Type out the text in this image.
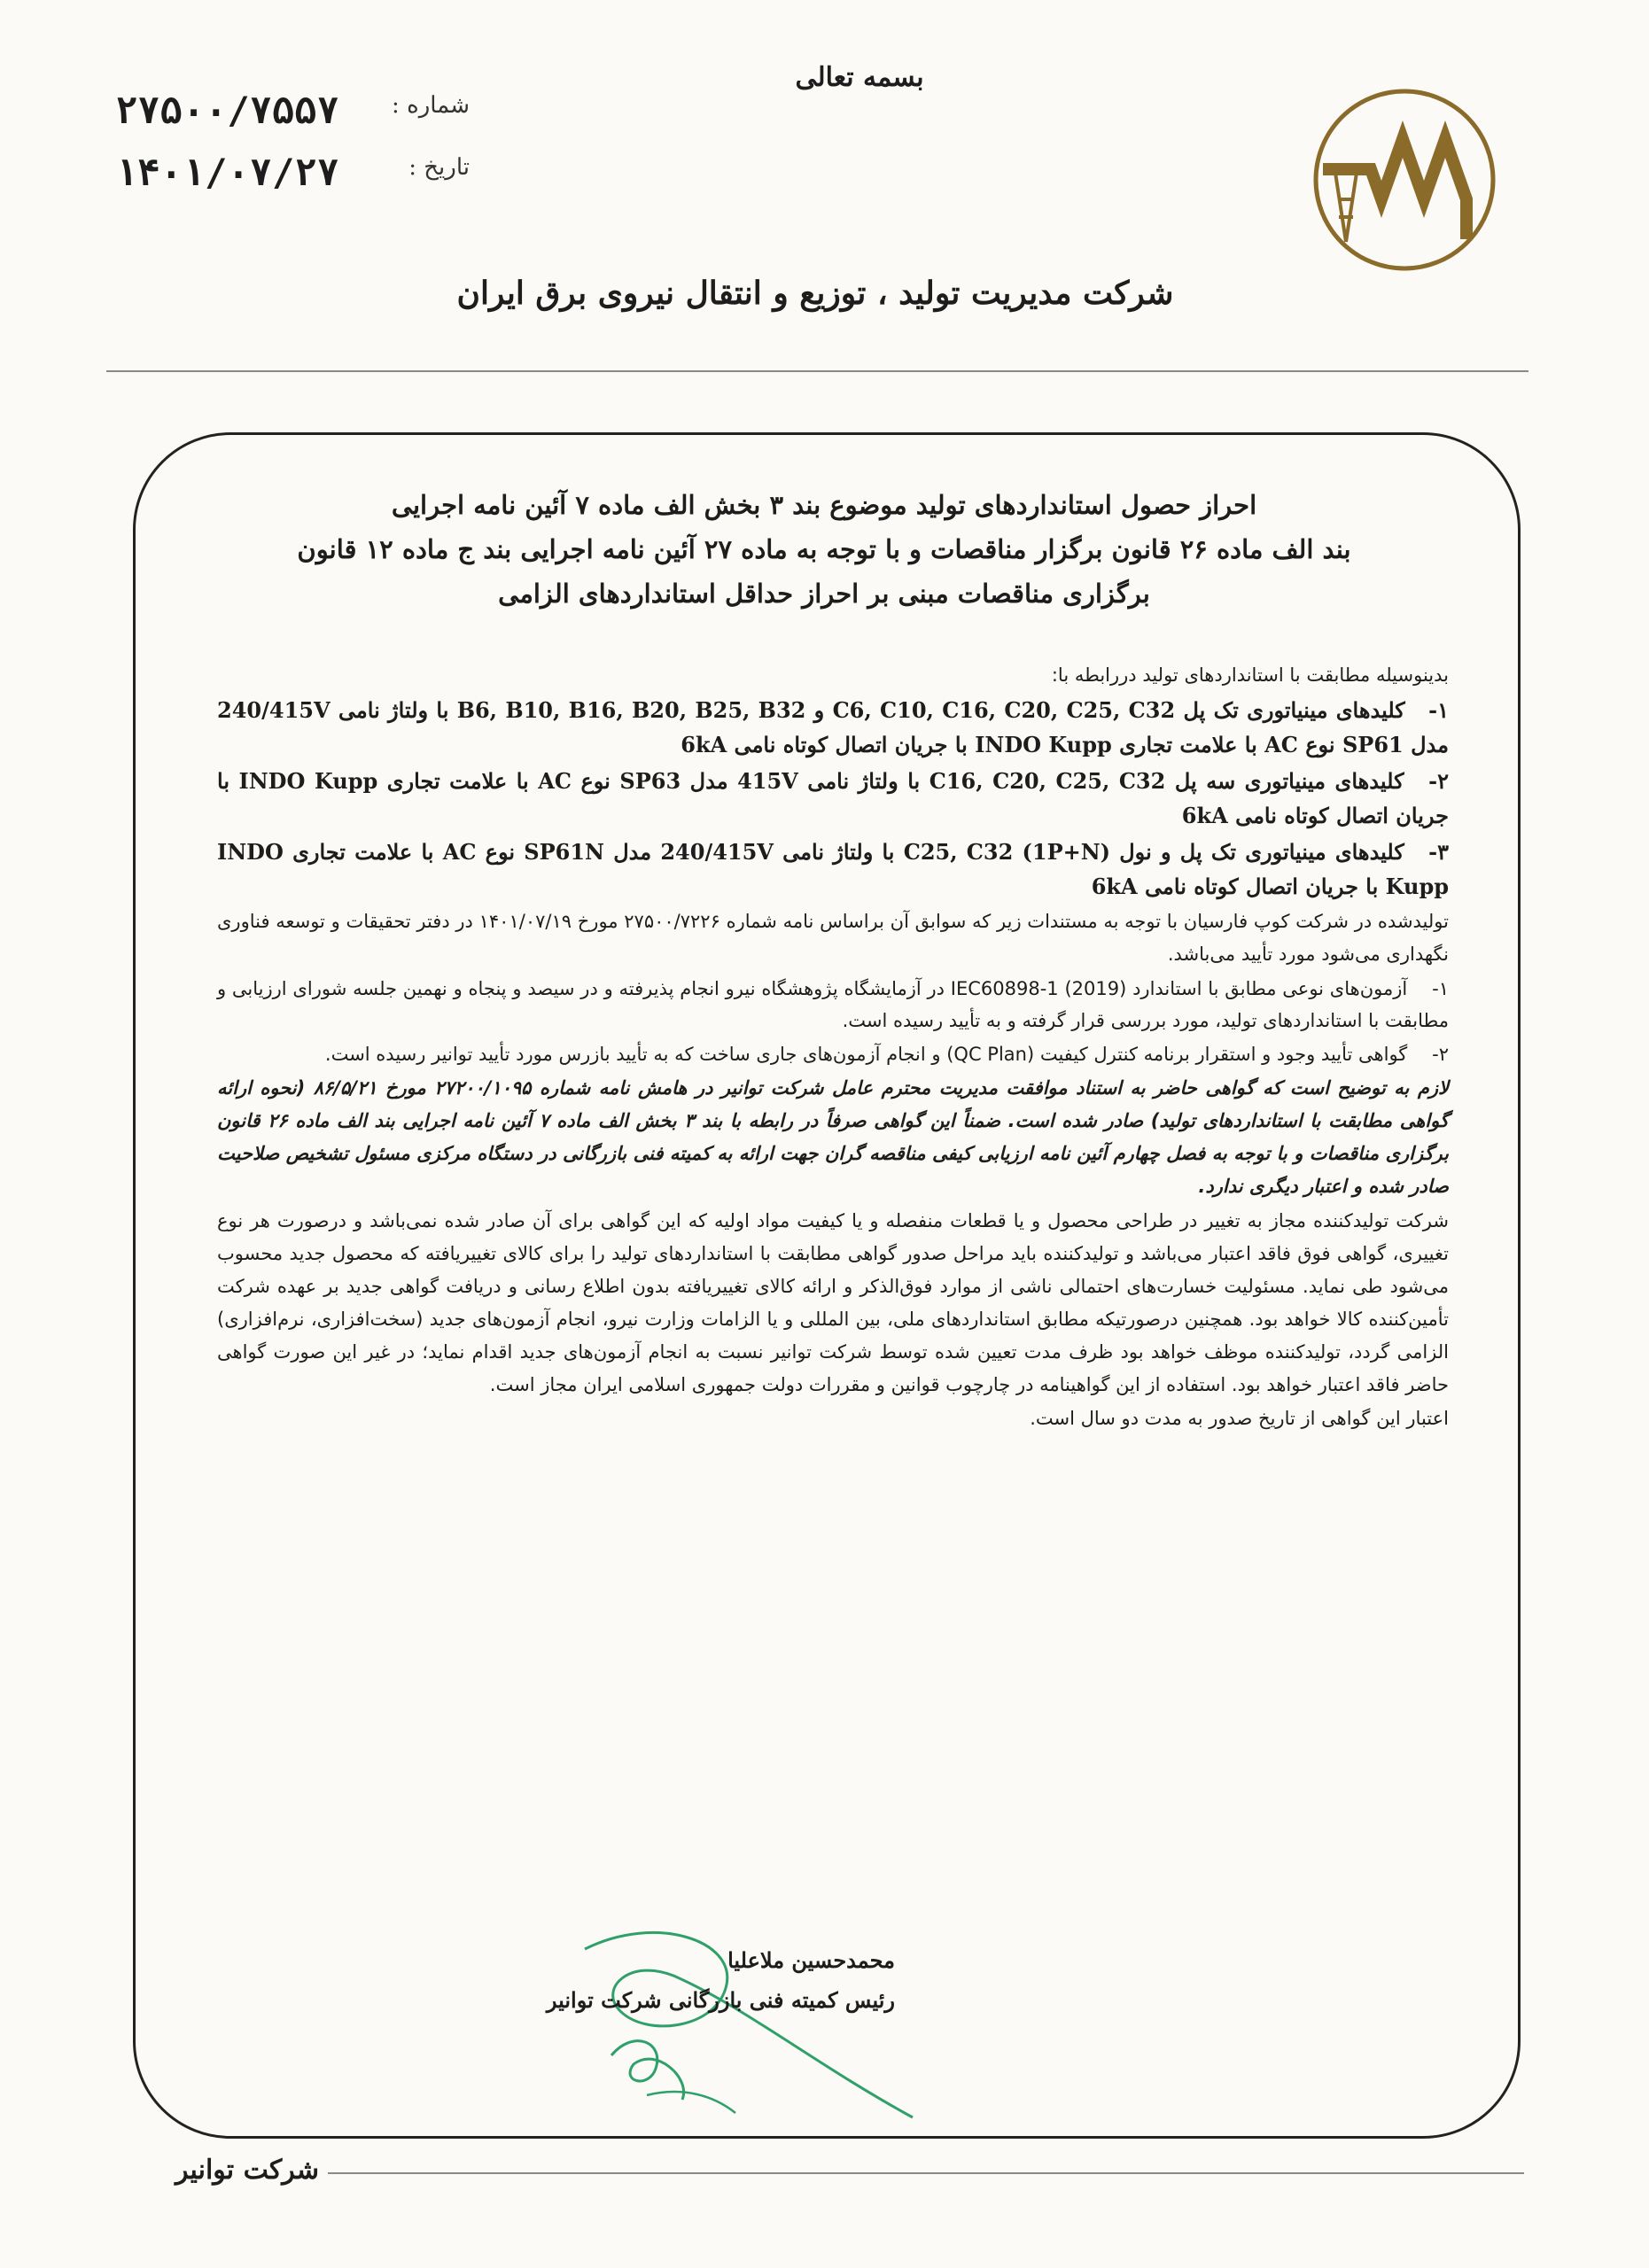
بسمه تعالی
۲۷۵۰۰/۷۵۵۷ شماره :
۱۴۰۱/۰۷/۲۷	تاریخ :
شرکت مدیریت تولید ، توزیع و انتقال نیروی برق ایران
احراز حصول استانداردهای تولید موضوع بند ۳ بخش الف ماده ۷ آئین نامه اجرایی
بند الف ماده ۲۶ قانون برگزار مناقصات و با توجه به ماده ۲۷ آئین نامه اجرایی بند ج ماده ۱۲ قانون
برگزاری مناقصات مبنی بر احراز حداقل استانداردهای الزامی

بدینوسیله مطابقت با استانداردهای تولید دررابطه با:

۱- کلیدهای مینیاتوری تک پل C6, C10, C16, C20, C25, C32 و B6, B10, B16, B20, B25, B32 با ولتاژ نامی 240/415V مدل SP61 نوع AC با علامت تجاری INDO Kupp با جریان اتصال کوتاه نامی 6kA

۲- کلیدهای مینیاتوری سه پل C16, C20, C25, C32 با ولتاژ نامی 415V مدل SP63 نوع AC با علامت تجاری INDO Kupp با جریان اتصال کوتاه نامی 6kA

۳- کلیدهای مینیاتوری تک پل و نول (1P+N) C25, C32 با ولتاژ نامی 240/415V مدل SP61N نوع AC با علامت تجاری INDO Kupp با جریان اتصال کوتاه نامی 6kA

تولیدشده در شرکت کوپ فارسیان با توجه به مستندات زیر که سوابق آن براساس نامه شماره ۲۷۵۰۰/۷۲۲۶ مورخ ۱۴۰۱/۰۷/۱۹ در دفتر تحقیقات و توسعه فناوری نگهداری می‌شود مورد تأیید می‌باشد.

۱- آزمون‌های نوعی مطابق با استاندارد IEC60898-1 (2019) در آزمایشگاه پژوهشگاه نیرو انجام پذیرفته و در سیصد و پنجاه و نهمین جلسه شورای ارزیابی و مطابقت با استانداردهای تولید، مورد بررسی قرار گرفته و به تأیید رسیده است.

۲- گواهی تأیید وجود و استقرار برنامه کنترل کیفیت (QC Plan) و انجام آزمون‌های جاری ساخت که به تأیید بازرس مورد تأیید توانیر رسیده است.

لازم به توضیح است که گواهی حاضر به استناد موافقت مدیریت محترم عامل شرکت توانیر در هامش نامه شماره ۲۷۲۰۰/۱۰۹۵ مورخ ۸۶/۵/۲۱ (نحوه ارائه گواهی مطابقت با استانداردهای تولید) صادر شده است. ضمناً این گواهی صرفاً در رابطه با بند ۳ بخش الف ماده ۷ آئین نامه اجرایی بند الف ماده ۲۶ قانون برگزاری مناقصات و با توجه به فصل چهارم آئین نامه ارزیابی کیفی مناقصه گران جهت ارائه به کمیته فنی بازرگانی در دستگاه مرکزی مسئول تشخیص صلاحیت صادر شده و اعتبار دیگری ندارد.

شرکت تولیدکننده مجاز به تغییر در طراحی محصول و یا قطعات منفصله و یا کیفیت مواد اولیه که این گواهی برای آن صادر شده نمی‌باشد و درصورت هر نوع تغییری، گواهی فوق فاقد اعتبار می‌باشد و تولیدکننده باید مراحل صدور گواهی مطابقت با استانداردهای تولید را برای کالای تغییریافته که محصول جدید محسوب می‌شود طی نماید. مسئولیت خسارت‌های احتمالی ناشی از موارد فوق‌الذکر و ارائه کالای تغییریافته بدون اطلاع رسانی و دریافت گواهی جدید بر عهده شرکت تأمین‌کننده کالا خواهد بود. همچنین درصورتیکه مطابق استانداردهای ملی، بین المللی و یا الزامات وزارت نیرو، انجام آزمون‌های جدید (سخت‌افزاری، نرم‌افزاری) الزامی گردد، تولیدکننده موظف خواهد بود ظرف مدت تعیین شده توسط شرکت توانیر نسبت به انجام آزمون‌های جدید اقدام نماید؛ در غیر این صورت گواهی حاضر فاقد اعتبار خواهد بود. استفاده از این گواهینامه در چارچوب قوانین و مقررات دولت جمهوری اسلامی ایران مجاز است.

اعتبار این گواهی از تاریخ صدور به مدت دو سال است.

محمدحسین ملاعلیا
رئیس کمیته فنی بازرگانی شرکت توانیر
شرکت توانیر
